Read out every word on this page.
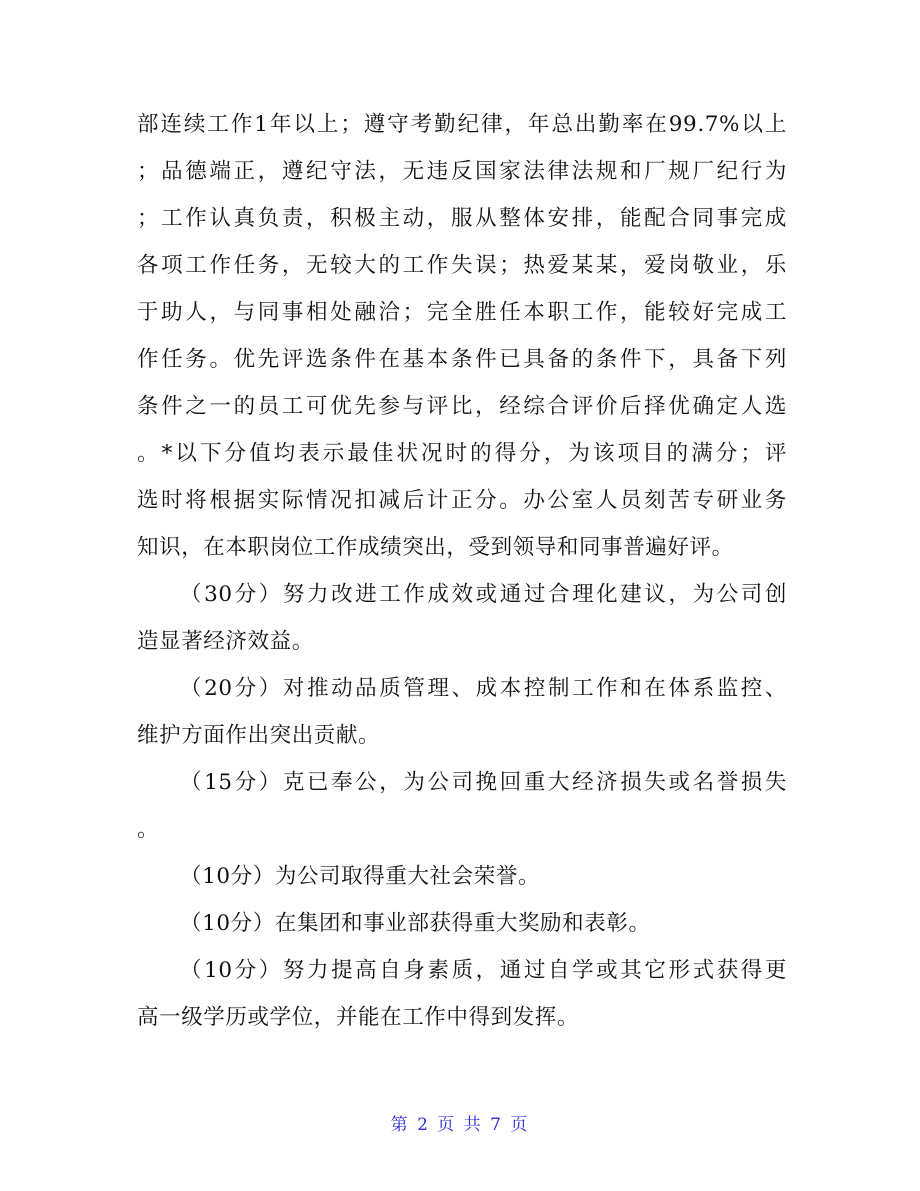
部连续工作1年以上；遵守考勤纪律，年总出勤率在99.7%以上
；品德端正，遵纪守法，无违反国家法律法规和厂规厂纪行为
；工作认真负责，积极主动，服从整体安排，能配合同事完成
各项工作任务，无较大的工作失误；热爱某某，爱岗敬业，乐
于助人，与同事相处融洽；完全胜任本职工作，能较好完成工
作任务。优先评选条件在基本条件已具备的条件下，具备下列
条件之一的员工可优先参与评比，经综合评价后择优确定人选
。*以下分值均表示最佳状况时的得分，为该项目的满分；评
选时将根据实际情况扣减后计正分。办公室人员刻苦专研业务
知识，在本职岗位工作成绩突出，受到领导和同事普遍好评。
（30分）努力改进工作成效或通过合理化建议，为公司创
造显著经济效益。
（20分）对推动品质管理、成本控制工作和在体系监控、
维护方面作出突出贡献。
（15分）克已奉公，为公司挽回重大经济损失或名誉损失
。
（10分）为公司取得重大社会荣誉。
（10分）在集团和事业部获得重大奖励和表彰。
（10分）努力提高自身素质，通过自学或其它形式获得更
高一级学历或学位，并能在工作中得到发挥。
第 2 页 共 7 页
